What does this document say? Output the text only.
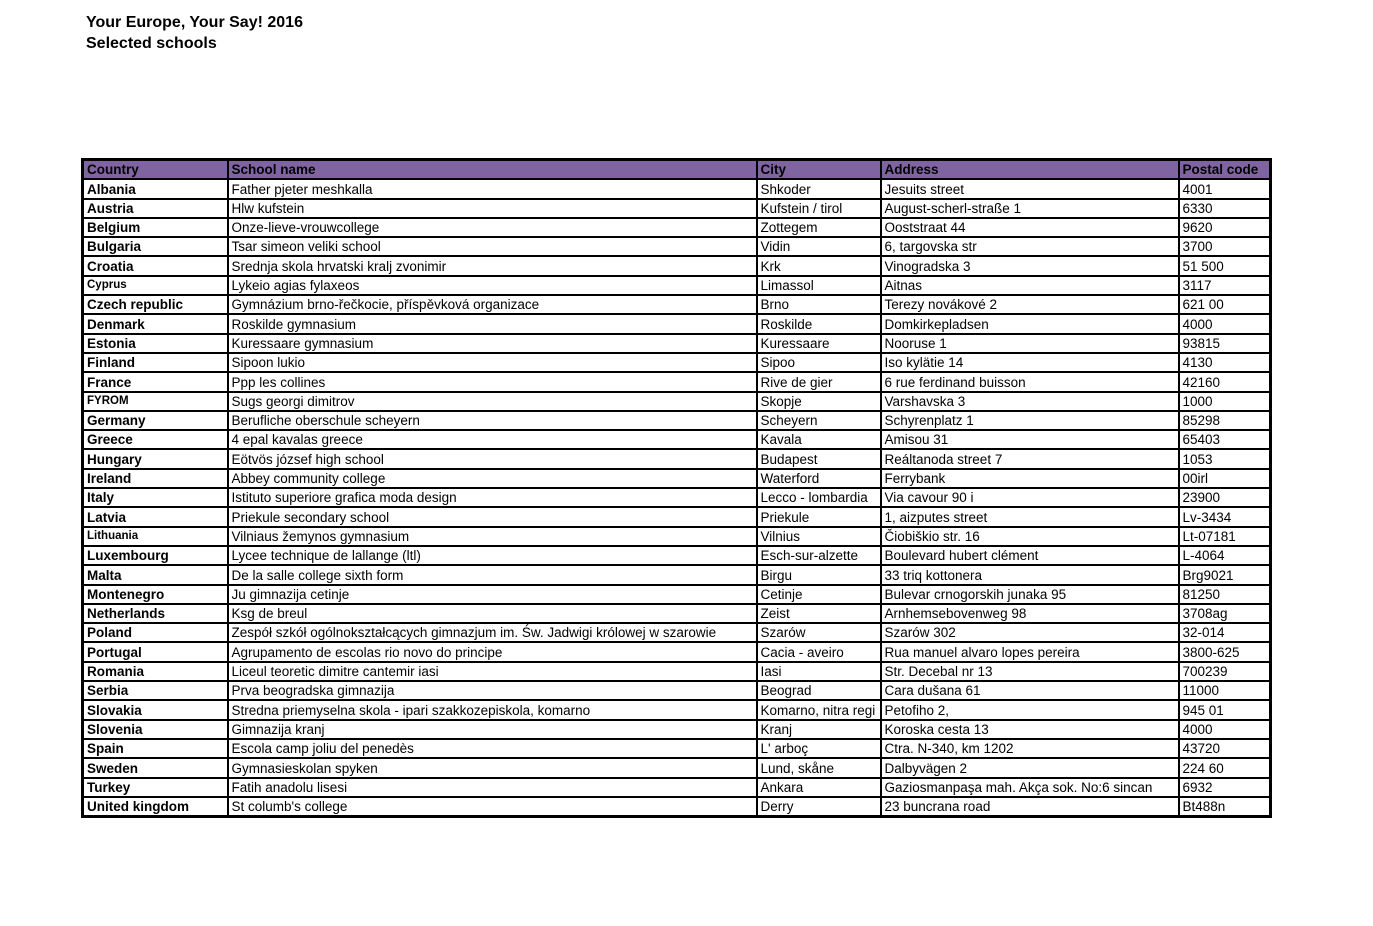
Your Europe, Your Say! 2016
Selected schools
Country	School name	City	Address	Postal code
Albania	Father pjeter meshkalla	Shkoder	Jesuits street	4001
Austria	Hlw kufstein	Kufstein / tirol	August-scherl-straße 1	6330
Belgium	Onze-lieve-vrouwcollege	Zottegem	Ooststraat 44	9620
Bulgaria	Tsar simeon veliki school	Vidin	6, targovska str	3700
Croatia	Srednja skola hrvatski kralj zvonimir	Krk	Vinogradska 3	51 500
Cyprus	Lykeio agias fylaxeos	Limassol	Aitnas	3117
Czech republic	Gymnázium brno-řečkocie, příspěvková organizace	Brno	Terezy novákové 2	621 00
Denmark	Roskilde gymnasium	Roskilde	Domkirkepladsen	4000
Estonia	Kuressaare gymnasium	Kuressaare	Nooruse 1	93815
Finland	Sipoon lukio	Sipoo	Iso kylätie 14	4130
France	Ppp les collines	Rive de gier	6 rue ferdinand buisson	42160
FYROM	Sugs georgi dimitrov	Skopje	Varshavska 3	1000
Germany	Berufliche oberschule scheyern	Scheyern	Schyrenplatz 1	85298
Greece	4 epal kavalas greece	Kavala	Amisou 31	65403
Hungary	Eötvös józsef high school	Budapest	Reáltanoda street 7	1053
Ireland	Abbey community college	Waterford	Ferrybank	00irl
Italy	Istituto superiore grafica moda design	Lecco - lombardia	Via cavour 90 i	23900
Latvia	Priekule secondary school	Priekule	1, aizputes street	Lv-3434
Lithuania	Vilniaus žemynos gymnasium	Vilnius	Čiobiškio str. 16	Lt-07181
Luxembourg	Lycee technique de lallange (ltl)	Esch-sur-alzette	Boulevard hubert clément	L-4064
Malta	De la salle college sixth form	Birgu	33 triq kottonera	Brg9021
Montenegro	Ju gimnazija cetinje	Cetinje	Bulevar crnogorskih junaka 95	81250
Netherlands	Ksg de breul	Zeist	Arnhemsebovenweg 98	3708ag
Poland	Zespół szkół ogólnokształcących gimnazjum im. Św. Jadwigi królowej w szarowie	Szarów	Szarów 302	32-014
Portugal	Agrupamento de escolas rio novo do principe	Cacia - aveiro	Rua manuel alvaro lopes pereira	3800-625
Romania	Liceul teoretic dimitre cantemir iasi	Iasi	Str. Decebal nr 13	700239
Serbia	Prva beogradska gimnazija	Beograd	Cara dušana 61	11000
Slovakia	Stredna priemyselna skola - ipari szakkozepiskola, komarno	Komarno, nitra regi	Petofiho 2,	945 01
Slovenia	Gimnazija kranj	Kranj	Koroska cesta 13	4000
Spain	Escola camp joliu del penedès	L' arboç	Ctra. N-340, km 1202	43720
Sweden	Gymnasieskolan spyken	Lund, skåne	Dalbyvägen 2	224 60
Turkey	Fatih anadolu lisesi	Ankara	Gaziosmanpaşa mah. Akça sok. No:6 sincan	6932
United kingdom	St columb's college	Derry	23 buncrana road	Bt488n
